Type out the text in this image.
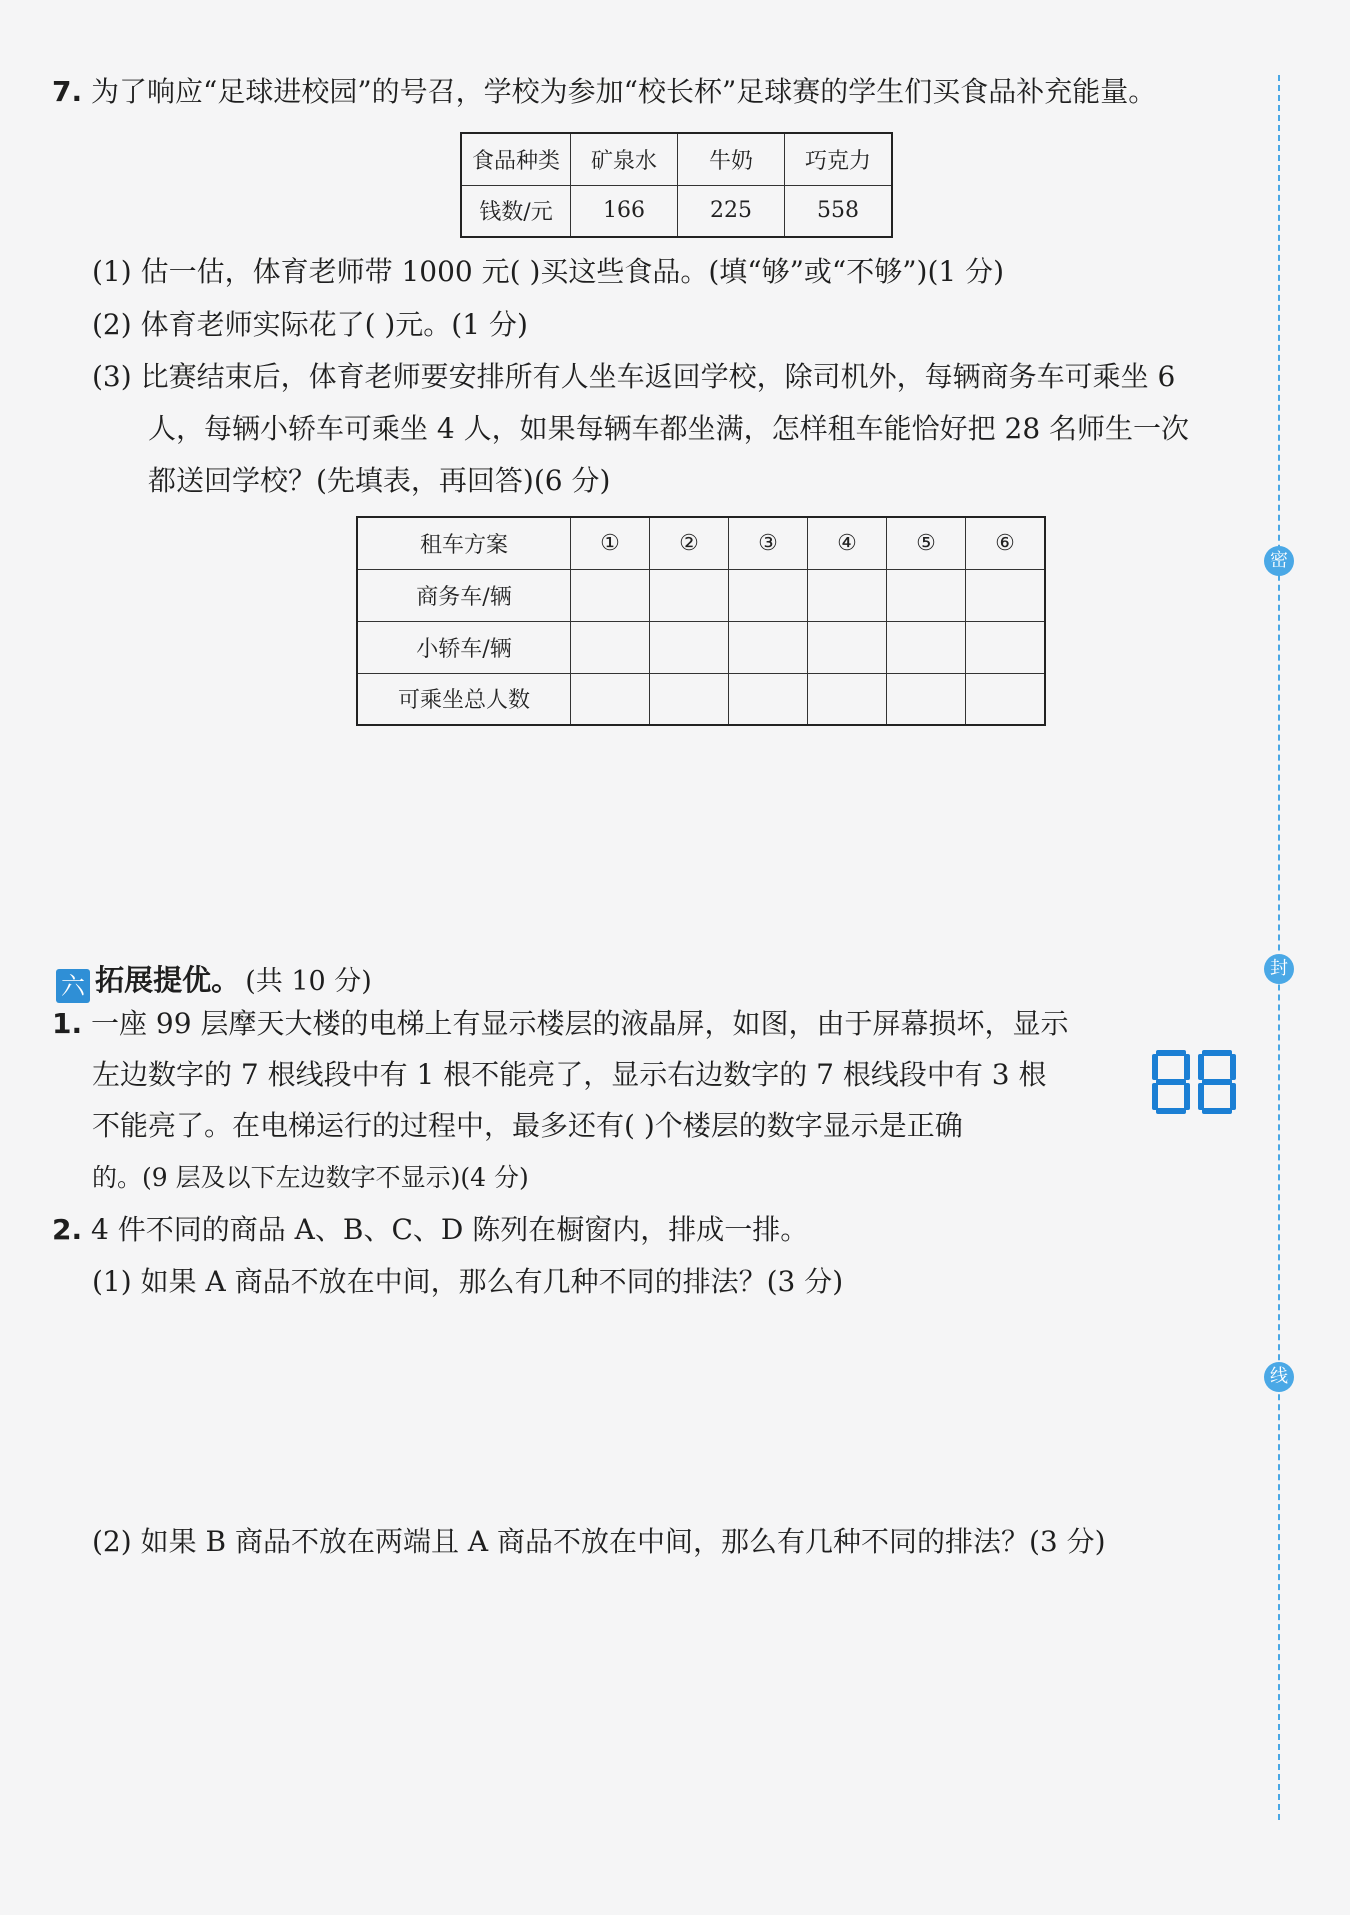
7. 为了响应“足球进校园”的号召，学校为参加“校长杯”足球赛的学生们买食品补充能量。
食品种类	矿泉水	牛奶	巧克力
钱数/元	166	225	558
(1) 估一估，体育老师带 1000 元( )买这些食品。(填“够”或“不够”)(1 分)
(2) 体育老师实际花了( )元。(1 分)
(3) 比赛结束后，体育老师要安排所有人坐车返回学校，除司机外，每辆商务车可乘坐 6
人，每辆小轿车可乘坐 4 人，如果每辆车都坐满，怎样租车能恰好把 28 名师生一次
都送回学校？(先填表，再回答)(6 分)
租车方案	①	②	③	④	⑤	⑥
商务车/辆						
小轿车/辆						
可乘坐总人数						
六 拓展提优。 (共 10 分)
1. 一座 99 层摩天大楼的电梯上有显示楼层的液晶屏，如图，由于屏幕损坏，显示
左边数字的 7 根线段中有 1 根不能亮了，显示右边数字的 7 根线段中有 3 根
不能亮了。在电梯运行的过程中，最多还有( )个楼层的数字显示是正确
的。(9 层及以下左边数字不显示)(4 分)
2. 4 件不同的商品 A、B、C、D 陈列在橱窗内，排成一排。
(1) 如果 A 商品不放在中间，那么有几种不同的排法？(3 分)
(2) 如果 B 商品不放在两端且 A 商品不放在中间，那么有几种不同的排法？(3 分)
密
封
线
